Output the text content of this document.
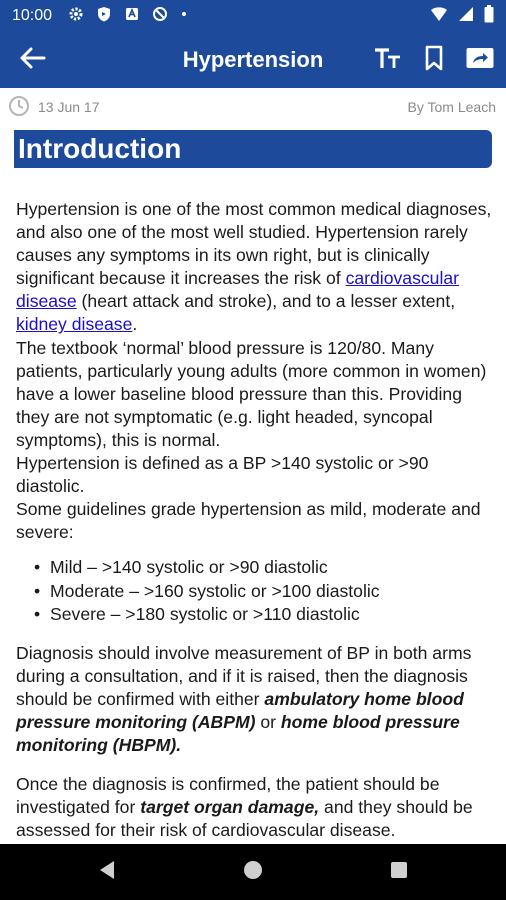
10:00
Hypertension
13 Jun 17	By Tom Leach
Introduction

Hypertension is one of the most common medical diagnoses, and also one of the most well studied. Hypertension rarely causes any symptoms in its own right, but is clinically significant because it increases the risk of cardiovascular disease (heart attack and stroke), and to a lesser extent, kidney disease.

The textbook ‘normal’ blood pressure is 120/80. Many patients, particularly young adults (more common in women) have a lower baseline blood pressure than this. Providing they are not symptomatic (e.g. light headed, syncopal symptoms), this is normal.

Hypertension is defined as a BP >140 systolic or >90 diastolic.

Some guidelines grade hypertension as mild, moderate and severe:

• Mild – >140 systolic or >90 diastolic
• Moderate – >160 systolic or >100 diastolic
• Severe – >180 systolic or >110 diastolic

Diagnosis should involve measurement of BP in both arms during a consultation, and if it is raised, then the diagnosis should be confirmed with either ambulatory home blood pressure monitoring (ABPM) or home blood pressure monitoring (HBPM).

Once the diagnosis is confirmed, the patient should be investigated for target organ damage, and they should be assessed for their risk of cardiovascular disease.
